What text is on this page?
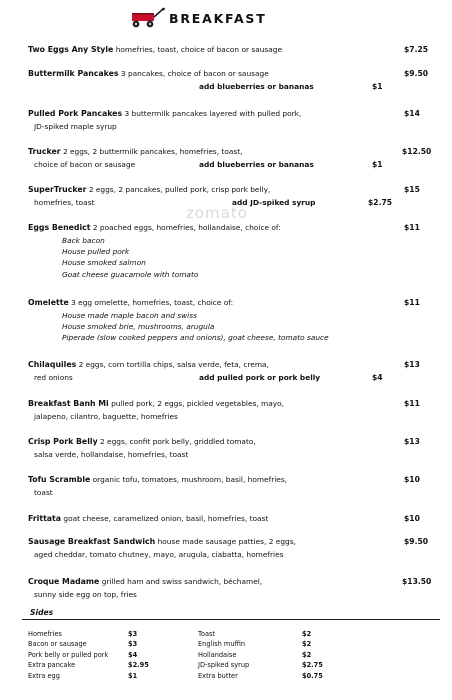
BREAKFAST
zomato
Two Eggs Any Style homefries, toast, choice of bacon or sausage	$7.25
Buttermilk Pancakes 3 pancakes, choice of bacon or sausage	$9.50
add blueberries or bananas	$1
Pulled Pork Pancakes 3 buttermilk pancakes layered with pulled pork,	$14
JD-spiked maple syrup
Trucker 2 eggs, 2 buttermilk pancakes, homefries, toast,	$12.50
choice of bacon or sausage	add blueberries or bananas	$1
SuperTrucker 2 eggs, 2 pancakes, pulled pork, crisp pork belly,	$15
homefries, toast	add JD-spiked syrup	$2.75
Eggs Benedict 2 poached eggs, homefries, hollandaise, choice of:	$11
Back bacon
House pulled pork
House smoked salmon
Goat cheese guacamole with tomato
Omelette 3 egg omelette, homefries, toast, choice of:	$11
House made maple bacon and swiss
House smoked brie, mushrooms, arugula
Piperade (slow cooked peppers and onions), goat cheese, tomato sauce
Chilaquiles 2 eggs, corn tortilla chips, salsa verde, feta, crema,	$13
red onions	add pulled pork or pork belly	$4
Breakfast Banh Mi pulled pork, 2 eggs, pickled vegetables, mayo,	$11
jalapeno, cilantro, baguette, homefries
Crisp Pork Belly 2 eggs, confit pork belly, griddled tomato,	$13
salsa verde, hollandaise, homefries, toast
Tofu Scramble organic tofu, tomatoes, mushroom, basil, homefries,	$10
toast
Frittata goat cheese, caramelized onion, basil, homefries, toast	$10
Sausage Breakfast Sandwich house made sausage patties, 2 eggs,	$9.50
aged cheddar, tomato chutney, mayo, arugula, ciabatta, homefries
Croque Madame grilled ham and swiss sandwich, béchamel,	$13.50
sunny side egg on top, fries
Sides
Homefries	$3	Toast	$2
Bacon or sausage	$3	English muffin	$2
Pork belly or pulled pork	$4	Hollandaise	$2
Extra pancake	$2.95	JD-spiked syrup	$2.75
Extra egg	$1	Extra butter	$0.75
